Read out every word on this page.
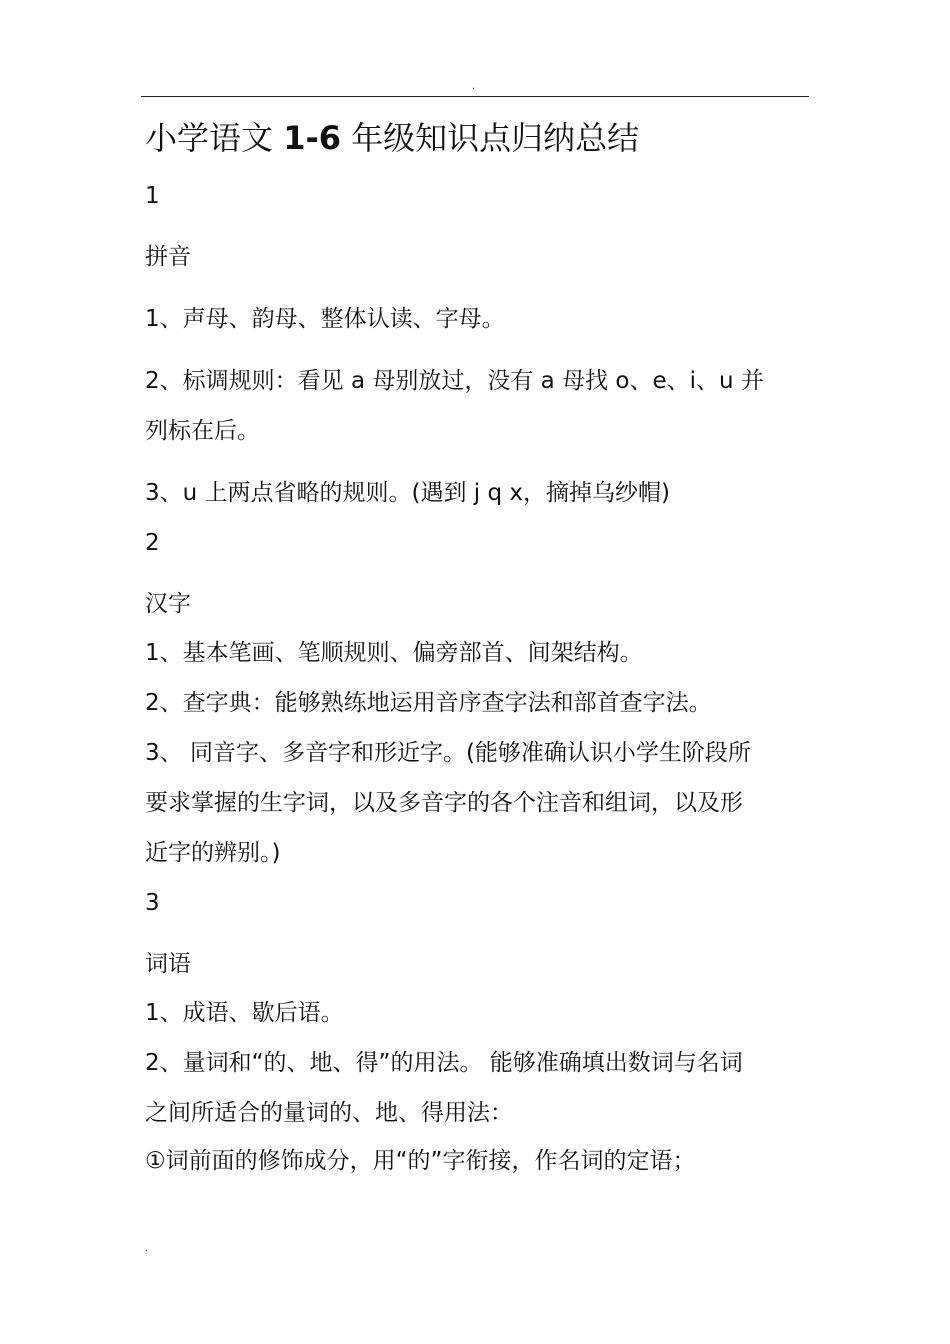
.
小学语文 1-6 年级知识点归纳总结

1

拼音

1、声母、韵母、整体认读、字母。

2、标调规则：看见 a 母别放过，没有 a 母找 o、e、i、u 并

列标在后。

3、u 上两点省略的规则。(遇到 j q x，摘掉乌纱帽)

2

汉字

1、基本笔画、笔顺规则、偏旁部首、间架结构。

2、查字典：能够熟练地运用音序查字法和部首查字法。

3、 同音字、多音字和形近字。(能够准确认识小学生阶段所

要求掌握的生字词，以及多音字的各个注音和组词，以及形

近字的辨别。)

3

词语

1、成语、歇后语。

2、量词和“的、地、得”的用法。 能够准确填出数词与名词

之间所适合的量词的、地、得用法：

①词前面的修饰成分，用“的”字衔接，作名词的定语；

.
